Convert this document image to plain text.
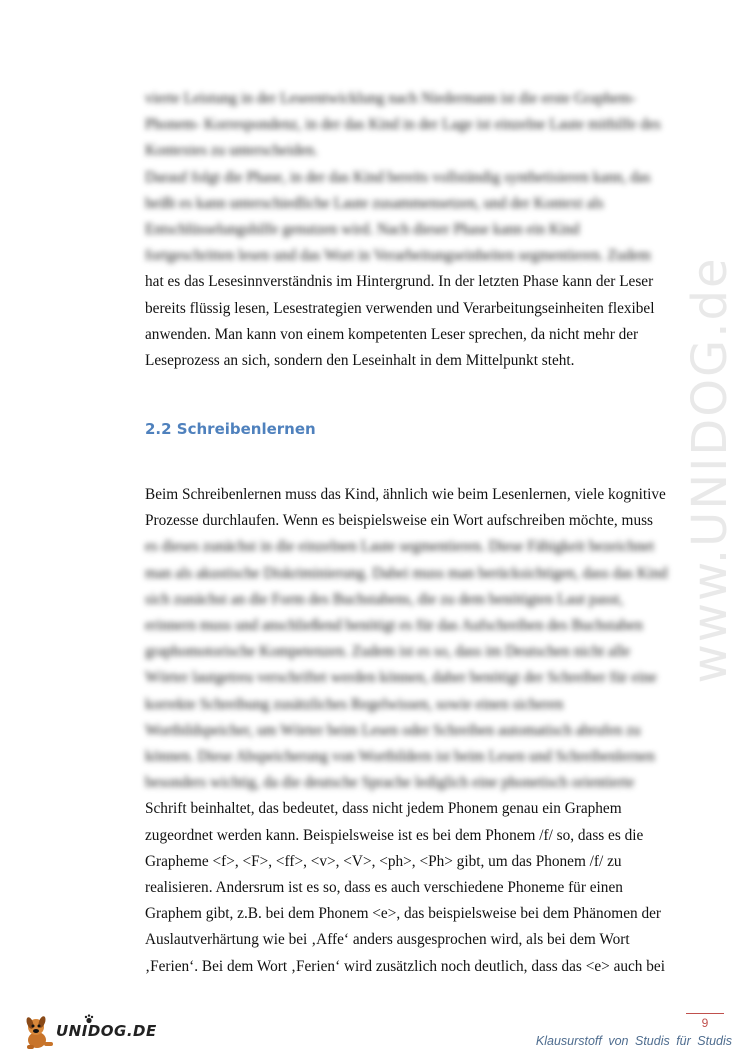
www.UNIDOG.de
vierte Leistung in der Leseentwicklung nach Niedermann ist die erste Graphem-
Phonem- Korrespondenz, in der das Kind in der Lage ist einzelne Laute mithilfe des
Kontextes zu unterscheiden.
Darauf folgt die Phase, in der das Kind bereits vollständig synthetisieren kann, das
heißt es kann unterschiedliche Laute zusammensetzen, und der Kontext als
Entschlüsselungshilfe genutzen wird. Nach dieser Phase kann ein Kind
fortgeschritten lesen und das Wort in Verarbeitungseinheiten segmentieren. Zudem
hat es das Lesesinnverständnis im Hintergrund. In der letzten Phase kann der Leser
bereits flüssig lesen, Lesestrategien verwenden und Verarbeitungseinheiten flexibel
anwenden. Man kann von einem kompetenten Leser sprechen, da nicht mehr der
Leseprozess an sich, sondern den Leseinhalt in dem Mittelpunkt steht.
2.2 Schreibenlernen
Beim Schreibenlernen muss das Kind, ähnlich wie beim Lesenlernen, viele kognitive
Prozesse durchlaufen. Wenn es beispielsweise ein Wort aufschreiben möchte, muss
es dieses zunächst in die einzelnen Laute segmentieren. Diese Fähigkeit bezeichnet
man als akustische Diskriminierung. Dabei muss man berücksichtigen, dass das Kind
sich zunächst an die Form des Buchstabens, die zu dem benötigten Laut passt,
erinnern muss und anschließend benötigt es für das Aufschreiben des Buchstaben
graphomotorische Kompetenzen. Zudem ist es so, dass im Deutschen nicht alle
Wörter lautgetreu verschriftet werden können, daher benötigt der Schreiber für eine
korrekte Schreibung zusätzliches Regelwissen, sowie einen sicheren
Wortbildspeicher, um Wörter beim Lesen oder Schreiben automatisch abrufen zu
können. Diese Abspeicherung von Wortbildern ist beim Lesen und Schreibenlernen
besonders wichtig, da die deutsche Sprache lediglich eine phonetisch orientierte
Schrift beinhaltet, das bedeutet, dass nicht jedem Phonem genau ein Graphem
zugeordnet werden kann. Beispielsweise ist es bei dem Phonem /f/ so, dass es die
Grapheme <f>, <F>, <ff>, <v>, <V>, <ph>, <Ph> gibt, um das Phonem /f/ zu
realisieren. Andersrum ist es so, dass es auch verschiedene Phoneme für einen
Graphem gibt, z.B. bei dem Phonem <e>, das beispielsweise bei dem Phänomen der
Auslautverhärtung wie bei ‚Affe‘ anders ausgesprochen wird, als bei dem Wort
‚Ferien‘. Bei dem Wort ‚Ferien‘ wird zusätzlich noch deutlich, dass das <e> auch bei
UNIDOG.DE	9
Klausurstoff von Studis für Studis
